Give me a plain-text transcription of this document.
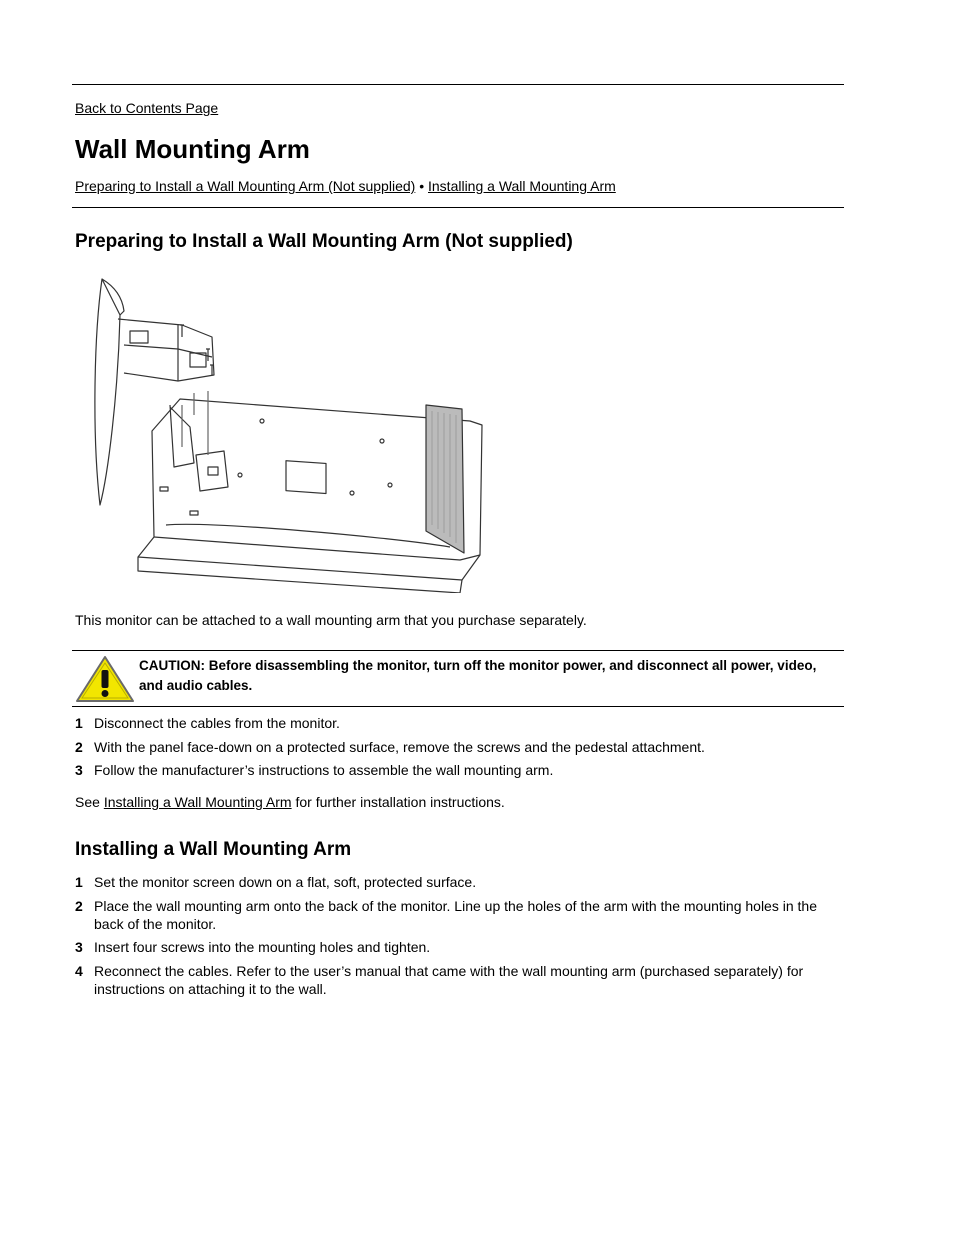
Back to Contents Page
Wall Mounting Arm
Preparing to Install a Wall Mounting Arm (Not supplied) • Installing a Wall Mounting Arm
Preparing to Install a Wall Mounting Arm (Not supplied)

This monitor can be attached to a wall mounting arm that you purchase separately.

CAUTION: Before disassembling the monitor, turn off the monitor power, and disconnect all power, video, and audio cables.

1 Disconnect the cables from the monitor.
2 With the panel face-down on a protected surface, remove the screws and the pedestal attachment.
3 Follow the manufacturer’s instructions to assemble the wall mounting arm.

See Installing a Wall Mounting Arm for further installation instructions.

Installing a Wall Mounting Arm
1 Set the monitor screen down on a flat, soft, protected surface.
2 Place the wall mounting arm onto the back of the monitor. Line up the holes of the arm with the mounting holes in the back of the monitor.
3 Insert four screws into the mounting holes and tighten.
4 Reconnect the cables. Refer to the user’s manual that came with the wall mounting arm (purchased separately) for instructions on attaching it to the wall.
